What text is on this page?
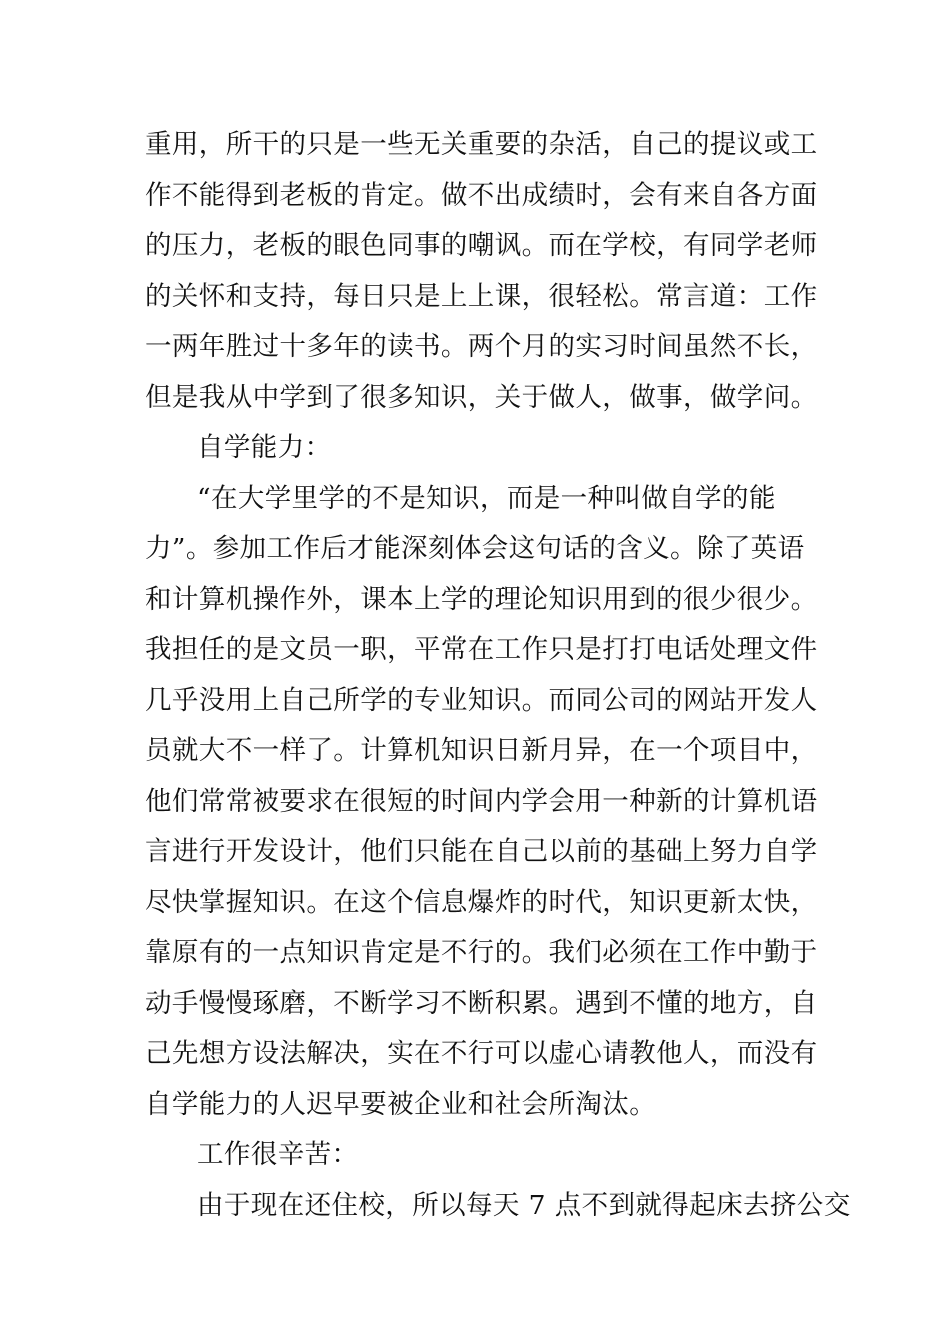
重用，所干的只是一些无关重要的杂活，自己的提议或工
作不能得到老板的肯定。做不出成绩时，会有来自各方面
的压力，老板的眼色同事的嘲讽。而在学校，有同学老师
的关怀和支持，每日只是上上课，很轻松。常言道：工作
一两年胜过十多年的读书。两个月的实习时间虽然不长，
但是我从中学到了很多知识，关于做人，做事，做学问。
自学能力：
“在大学里学的不是知识，而是一种叫做自学的能
力”。参加工作后才能深刻体会这句话的含义。除了英语
和计算机操作外，课本上学的理论知识用到的很少很少。
我担任的是文员一职，平常在工作只是打打电话处理文件
几乎没用上自己所学的专业知识。而同公司的网站开发人
员就大不一样了。计算机知识日新月异，在一个项目中，
他们常常被要求在很短的时间内学会用一种新的计算机语
言进行开发设计，他们只能在自己以前的基础上努力自学
尽快掌握知识。在这个信息爆炸的时代，知识更新太快，
靠原有的一点知识肯定是不行的。我们必须在工作中勤于
动手慢慢琢磨，不断学习不断积累。遇到不懂的地方，自
己先想方设法解决，实在不行可以虚心请教他人，而没有
自学能力的人迟早要被企业和社会所淘汰。
工作很辛苦：
由于现在还住校，所以每天 7 点不到就得起床去挤公交
